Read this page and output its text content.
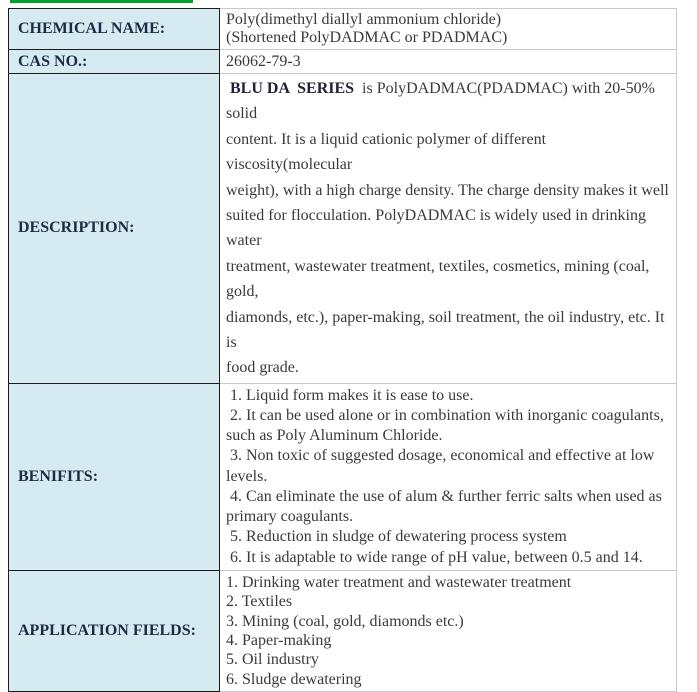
CHEMICAL NAME:	Poly(dimethyl diallyl ammonium chloride)
(Shortened PolyDADMAC or PDADMAC)

CAS NO.:	26062-79-3

DESCRIPTION:	
BLU DA  SERIES  is PolyDADMAC(PDADMAC) with 20-50% solid
content. It is a liquid cationic polymer of different viscosity(molecular
weight), with a high charge density. The charge density makes it well
suited for flocculation. PolyDADMAC is widely used in drinking water
treatment, wastewater treatment, textiles, cosmetics, mining (coal, gold,
diamonds, etc.), paper-making, soil treatment, the oil industry, etc. It is
food grade.

BENIFITS:	
1. Liquid form makes it is ease to use.
2. It can be used alone or in combination with inorganic coagulants,
such as Poly Aluminum Chloride.
3. Non toxic of suggested dosage, economical and effective at low
levels.
4. Can eliminate the use of alum & further ferric salts when used as
primary coagulants.
5. Reduction in sludge of dewatering process system
6. It is adaptable to wide range of pH value, between 0.5 and 14.

APPLICATION FIELDS:	
1. Drinking water treatment and wastewater treatment
2. Textiles
3. Mining (coal, gold, diamonds etc.)
4. Paper-making
5. Oil industry
6. Sludge dewatering
